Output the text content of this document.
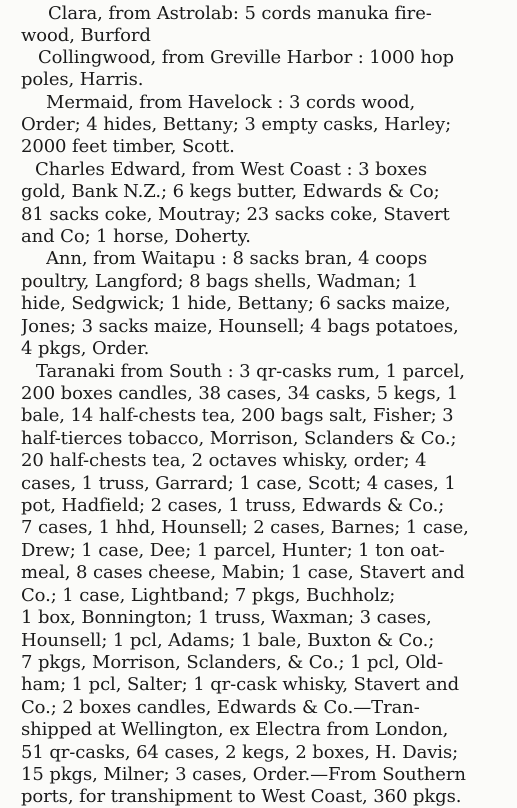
Clara, from Astrolab: 5 cords manuka fire-
wood, Burford
Collingwood, from Greville Harbor : 1000 hop
poles, Harris.
Mermaid, from Havelock : 3 cords wood,
Order; 4 hides, Bettany; 3 empty casks, Harley;
2000 feet timber, Scott.
Charles Edward, from West Coast : 3 boxes
gold, Bank N.Z.; 6 kegs butter, Edwards & Co;
81 sacks coke, Moutray; 23 sacks coke, Stavert
and Co; 1 horse, Doherty.
Ann, from Waitapu : 8 sacks bran, 4 coops
poultry, Langford; 8 bags shells, Wadman; 1
hide, Sedgwick; 1 hide, Bettany; 6 sacks maize,
Jones; 3 sacks maize, Hounsell; 4 bags potatoes,
4 pkgs, Order.
Taranaki from South : 3 qr-casks rum, 1 parcel,
200 boxes candles, 38 cases, 34 casks, 5 kegs, 1
bale, 14 half-chests tea, 200 bags salt, Fisher; 3
half-tierces tobacco, Morrison, Sclanders & Co.;
20 half-chests tea, 2 octaves whisky, order; 4
cases, 1 truss, Garrard; 1 case, Scott; 4 cases, 1
pot, Hadfield; 2 cases, 1 truss, Edwards & Co.;
7 cases, 1 hhd, Hounsell; 2 cases, Barnes; 1 case,
Drew; 1 case, Dee; 1 parcel, Hunter; 1 ton oat-
meal, 8 cases cheese, Mabin; 1 case, Stavert and
Co.; 1 case, Lightband; 7 pkgs, Buchholz;
1 box, Bonnington; 1 truss, Waxman; 3 cases,
Hounsell; 1 pcl, Adams; 1 bale, Buxton & Co.;
7 pkgs, Morrison, Sclanders, & Co.; 1 pcl, Old-
ham; 1 pcl, Salter; 1 qr-cask whisky, Stavert and
Co.; 2 boxes candles, Edwards & Co.—Tran-
shipped at Wellington, ex Electra from London,
51 qr-casks, 64 cases, 2 kegs, 2 boxes, H. Davis;
15 pkgs, Milner; 3 cases, Order.—From Southern
ports, for transhipment to West Coast, 360 pkgs.
